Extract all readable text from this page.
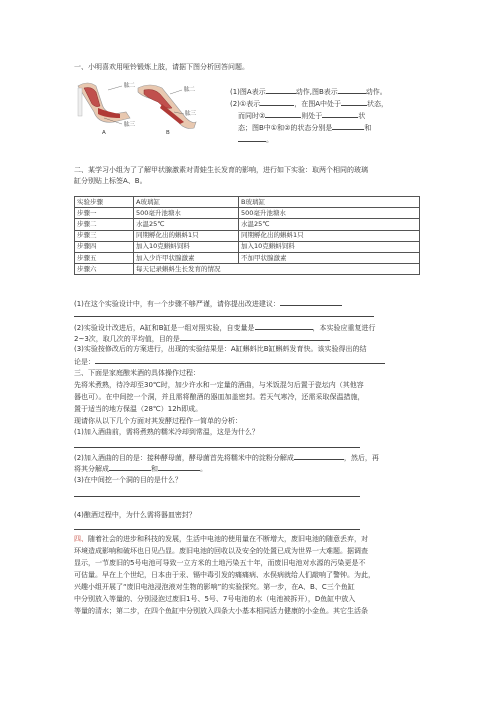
一、小明喜欢用哑铃锻炼上肢，请据下图分析回答问题。
肱二
肱二
肱三
肱三
A	B
(1)图A表示	动作,图B表示	动作。
(2)①表示	，在图A中处于	状态，
而同时②	则处于	状
态；图B中①和②的状态分别是	和
。
二、某学习小组为了了解甲状腺激素对青蛙生长发育的影响，进行如下实验：取两个相同的玻璃
缸分别贴上标签A、B。
实验步骤	A玻璃缸	B玻璃缸
步骤一	500毫升池塘水	500毫升池塘水
步骤二	水温25℃	水温25℃
步骤三	同期孵化出的蝌蚪1只	同期孵化出的蝌蚪1只
步骤四	加入10克蝌蚪饲料	加入10克蝌蚪饲料
步骤五	加入少许甲状腺激素	不加甲状腺激素
步骤六	每天记录蝌蚪生长发育的情况	
(1)在这个实验设计中，有一个步骤不够严谨，请你提出改进建议：
(2)实验设计改进后，A缸和B缸是一组对照实验，自变量是	，本实验应重复进行
2~3次，取几次的平均值，目的是
(3)实验按修改后的方案进行，出现的实验结果是：A缸蝌蚪比B缸蝌蚪发育快。该实验得出的结
论是：
三、下面是家庭酿米酒的具体操作过程：
先将米煮熟，待冷却至30℃时，加少许水和一定量的酒曲，与米饭混匀后置于瓷坛内（其他容
器也可）。在中间挖一个洞，并且需将酿酒的器皿加盖密封。若天气寒冷，还需采取保温措施，
置于适当的地方保温（28℃）12h即成。
现请你从以下几个方面对其发酵过程作一简单的分析：
(1)加入酒曲前，需将煮熟的糯米冷却到常温，这是为什么？
(2)加入酒曲的目的是：接种酵母菌，酵母菌首先将糯米中的淀粉分解成	，然后，再
将其分解成	和	。
(3)在中间挖一个洞的目的是什么？
(4)酿酒过程中，为什么需将器皿密封？
四、随着社会的进步和科技的发展，生活中电池的使用量在不断增大，废旧电池的随意丢弃，对
环境造成影响和破坏也日见凸显。废旧电池的回收以及安全的处置已成为世界一大难题。据调查
显示，一节废旧的5号电池可导致一立方米的土地污染五十年，而废旧电池对水源的污染更是不
可估量。早在上个世纪，日本由于汞、镉中毒引发的痛痛病、水俣病就给人们敲响了警钟。为此，
兴趣小组开展了“废旧电池浸泡液对生物的影响”的实验探究。第一步，在A、B、C三个鱼缸
中分别放入等量的、分别浸泡过废旧1号、5号、7号电池的水（电池被拆开），D鱼缸中放入
等量的清水；第二步，在四个鱼缸中分别放入四条大小基本相同活力健康的小金鱼。其它生活条
